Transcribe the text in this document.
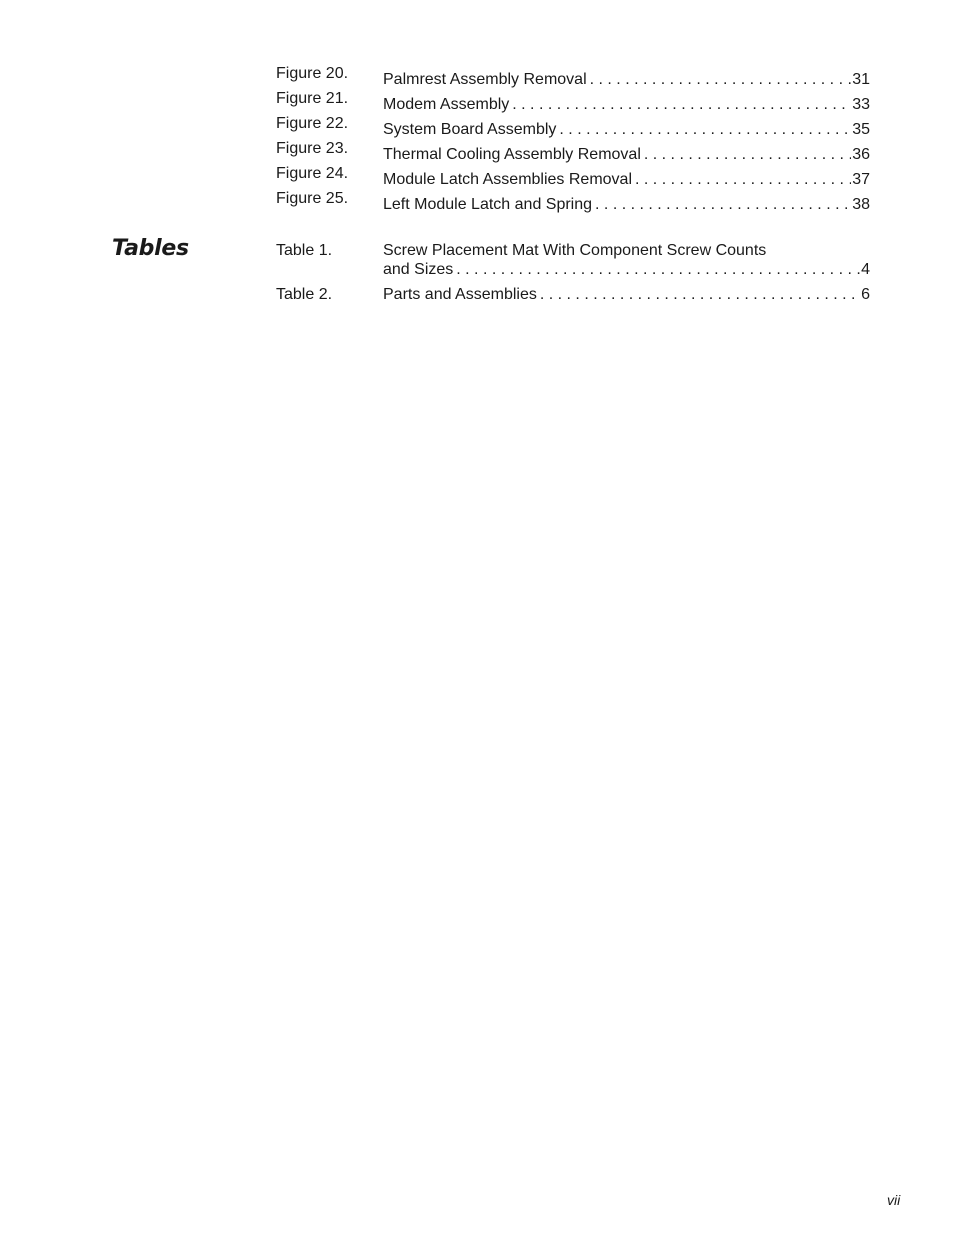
Figure 20.	Palmrest Assembly Removal . . .	31
Figure 21.	Modem Assembly . . .	33
Figure 22.	System Board Assembly . . .	35
Figure 23.	Thermal Cooling Assembly Removal . . .	36
Figure 24.	Module Latch Assemblies Removal . . .	37
Figure 25.	Left Module Latch and Spring . . .	38
Tables	Table 1.	Screw Placement Mat With Component Screw Counts
and Sizes . . .	4
Table 2.	Parts and Assemblies . . .	6
vii
